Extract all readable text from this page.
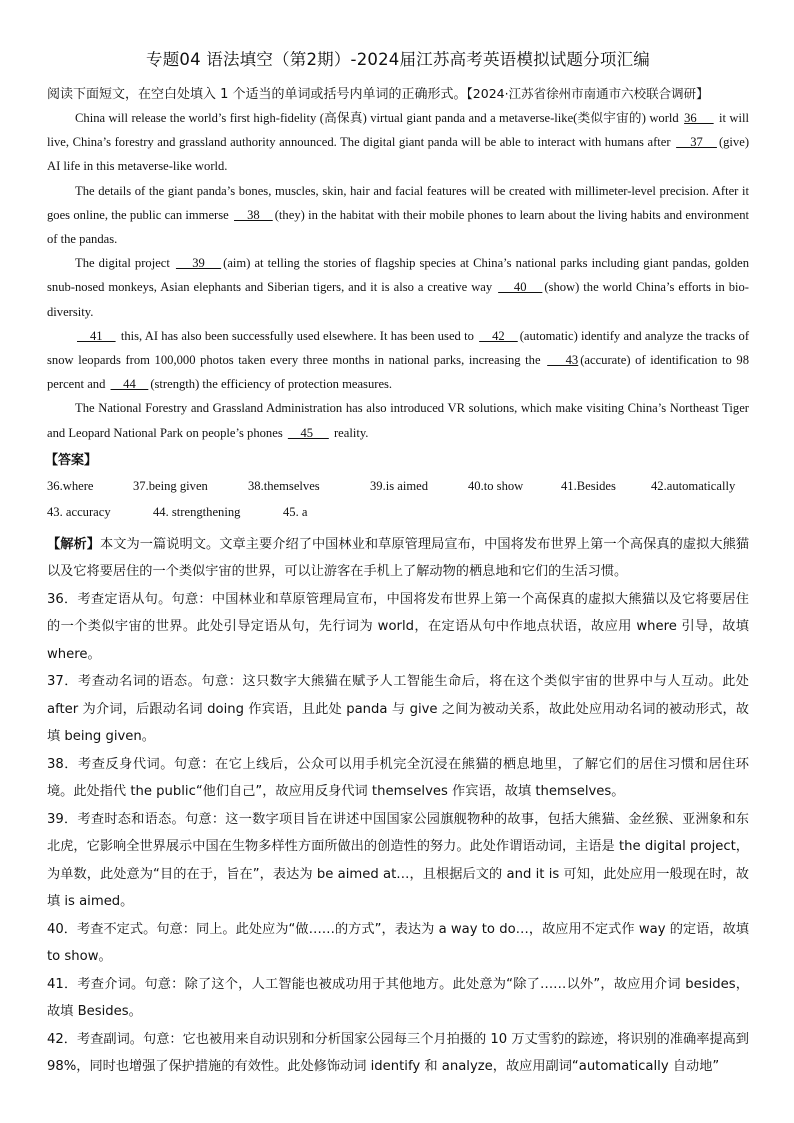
专题04 语法填空（第2期）-2024届江苏高考英语模拟试题分项汇编
阅读下面短文，在空白处填入 1 个适当的单词或括号内单词的正确形式。【2024·江苏省徐州市南通市六校联合调研】

China will release the world’s first high-fidelity (高保真) virtual giant panda and a metaverse-like(类似宇宙的) world 36      it will live, China’s forestry and grassland authority announced. The digital giant panda will be able to interact with humans after     37    (give) AI life in this metaverse-like world.

The details of the giant panda’s bones, muscles, skin, hair and facial features will be created with millimeter-level precision. After it goes online, the public can immerse     38    (they) in the habitat with their mobile phones to learn about the living habits and environment of the pandas.

The digital project     39    (aim) at telling the stories of flagship species at China’s national parks including giant pandas, golden snub-nosed monkeys, Asian elephants and Siberian tigers, and it is also a creative way     40    (show) the world China’s efforts in bio-diversity.

41     this, AI has also been successfully used elsewhere. It has been used to     42    (automatic) identify and analyze the tracks of snow leopards from 100,000 photos taken every three months in national parks, increasing the     43 (accurate) of identification to 98 percent and     44    (strength) the efficiency of protection measures.

The National Forestry and Grassland Administration has also introduced VR solutions, which make visiting China’s Northeast Tiger and Leopard National Park on people’s phones     45      reality.

【答案】
36.where	37.being given	38.themselves	39.is aimed	40.to show	41.Besides	42.automatically
43. accuracy	44. strengthening	45. a

【解析】本文为一篇说明文。文章主要介绍了中国林业和草原管理局宣布，中国将发布世界上第一个高保真的虚拟大熊猫以及它将要居住的一个类似宇宙的世界，可以让游客在手机上了解动物的栖息地和它们的生活习惯。

36．考查定语从句。句意：中国林业和草原管理局宣布，中国将发布世界上第一个高保真的虚拟大熊猫以及它将要居住的一个类似宇宙的世界。此处引导定语从句，先行词为 world，在定语从句中作地点状语，故应用 where 引导，故填 where。

37．考查动名词的语态。句意：这只数字大熊猫在赋予人工智能生命后，将在这个类似宇宙的世界中与人互动。此处 after 为介词，后跟动名词 doing 作宾语，且此处 panda 与 give 之间为被动关系，故此处应用动名词的被动形式，故填 being given。

38．考查反身代词。句意：在它上线后，公众可以用手机完全沉浸在熊猫的栖息地里，了解它们的居住习惯和居住环境。此处指代 the public“他们自己”，故应用反身代词 themselves 作宾语，故填 themselves。

39．考查时态和语态。句意：这一数字项目旨在讲述中国国家公园旗舰物种的故事，包括大熊猫、金丝猴、亚洲象和东北虎，它影响全世界展示中国在生物多样性方面所做出的创造性的努力。此处作谓语动词，主语是 the digital project，为单数，此处意为“目的在于，旨在”，表达为 be aimed at…，且根据后文的 and it is 可知，此处应用一般现在时，故填 is aimed。

40．考查不定式。句意：同上。此处应为“做……的方式”，表达为 a way to do…，故应用不定式作 way 的定语，故填 to show。

41．考查介词。句意：除了这个，人工智能也被成功用于其他地方。此处意为“除了……以外”，故应用介词 besides，故填 Besides。

42．考查副词。句意：它也被用来自动识别和分析国家公园每三个月拍摄的 10 万丈雪豹的踪迹，将识别的准确率提高到 98%，同时也增强了保护措施的有效性。此处修饰动词 identify 和 analyze，故应用副词“automatically 自动地”
